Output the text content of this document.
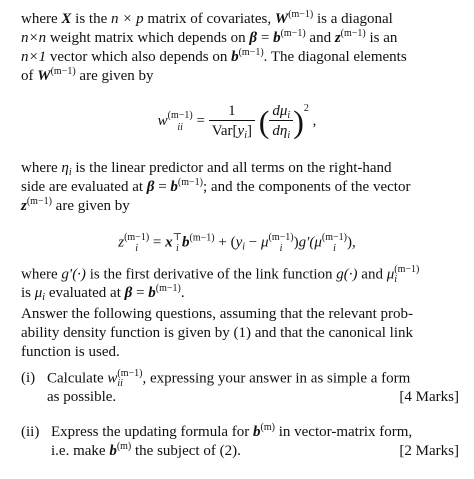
where X is the n × p matrix of covariates, $W^{(m-1)}$ is a diagonal
n×n weight matrix which depends on $\beta = b^{(m-1)}$ and $z^{(m-1)}$ is an
n×1 vector which also depends on $b^{(m-1)}$. The diagonal elements
of $W^{(m-1)}$ are given by
w (m−1)
ii = $\frac{1}{Var[y_i]}$ ( $\frac{d\mu_i}{d\eta_i} )^2$ ,
where $\eta_i$ is the linear predictor and all terms on the right-hand
side are evaluated at $\beta = b^{(m-1)}$; and the components of the vector
$z^{(m-1)}$ are given by
z (m−1)
i = x ⊤
i $b^{(m-1)} + (y_i - \mu$ (m−1)
i )g′(μ (m−1)
i ),
where g′(·) is the first derivative of the link function g(·) and μ (m−1)
i
is $\mu_i$ evaluated at $\beta = b^{(m-1)}$.
Answer the following questions, assuming that the relevant prob-
ability density function is given by (1) and that the canonical link
function is used.
(i) Calculate w (m−1)
ii	, expressing your answer in as simple a form
as possible.	[4 Marks]
(ii) Express the updating formula for $b^{(m)}$ in vector-matrix form,
i.e. make $b^{(m)}$ the subject of (2).	[2 Marks]
